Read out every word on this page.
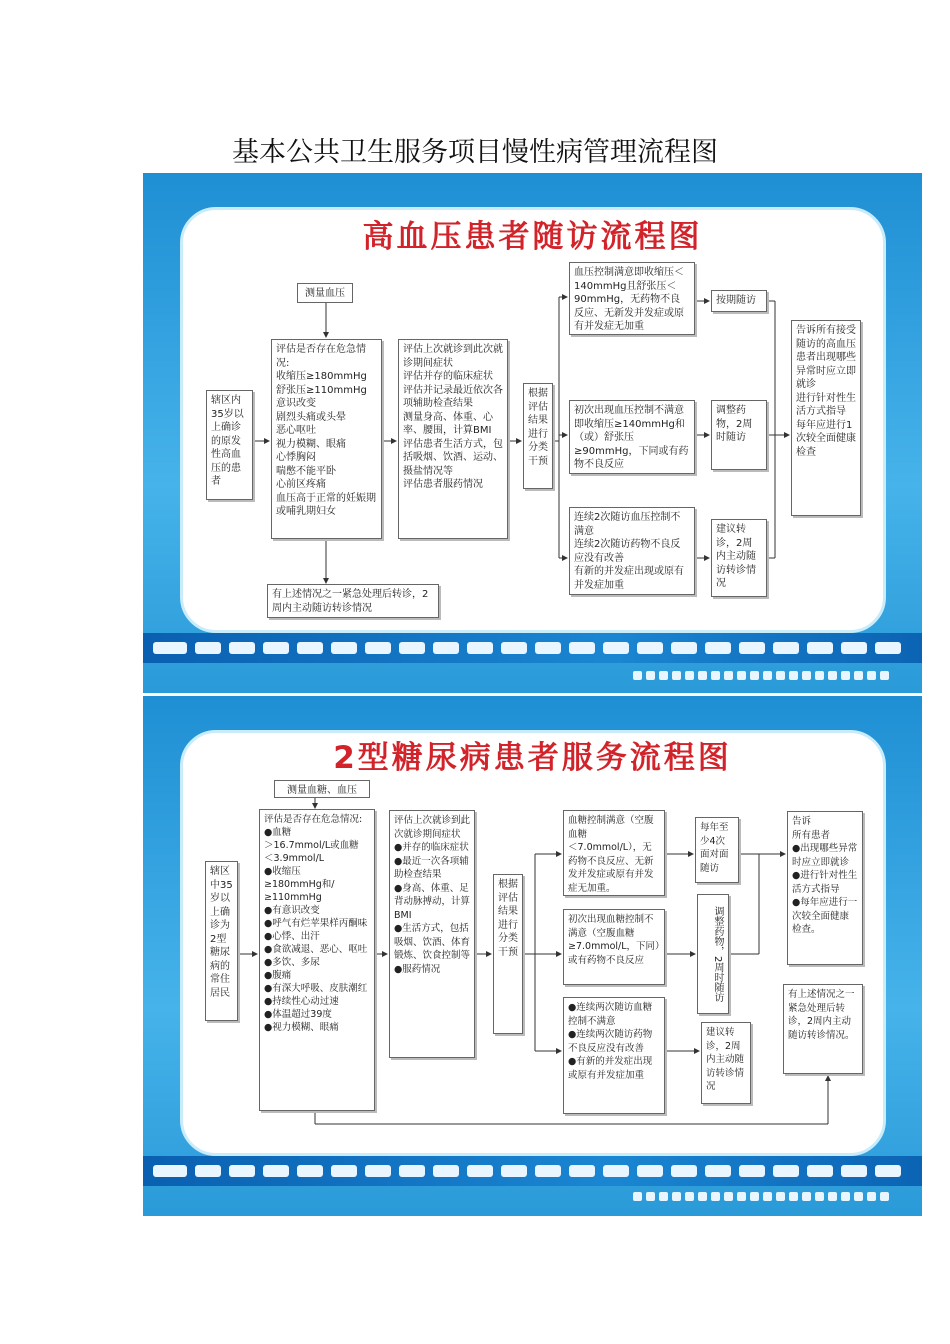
基本公共卫生服务项目慢性病管理流程图
高血压患者随访流程图
测量血压
辖区内35岁以上确诊的原发性高血压的患者
评估是否存在危急情况:
收缩压≥180mmHg
舒张压≥110mmHg
意识改变
剧烈头痛或头晕
恶心呕吐
视力模糊、眼痛
心悸胸闷
喘憋不能平卧
心前区疼痛
血压高于正常的妊娠期或哺乳期妇女
评估上次就诊到此次就诊期间症状
评估并存的临床症状
评估并记录最近依次各项辅助检查结果
测量身高、体重、心率、腰围，计算BMI
评估患者生活方式，包括吸烟、饮酒、运动、摄盐情况等
评估患者服药情况
根据评估结果进行分类干预
血压控制满意即收缩压＜140mmHg且舒张压＜90mmHg，无药物不良反应、无新发并发症或原有并发症无加重
初次出现血压控制不满意即收缩压≥140mmHg和（或）舒张压≥90mmHg，下同或有药物不良反应
连续2次随访血压控制不满意
连续2次随访药物不良反应没有改善
有新的并发症出现或原有并发症加重
按期随访
调整药物，2周时随访
建议转诊，2周内主动随访转诊情况
告诉所有接受随访的高血压患者出现哪些异常时应立即就诊
进行针对性生活方式指导
每年应进行1次较全面健康检查
有上述情况之一紧急处理后转诊，2周内主动随访转诊情况
2型糖尿病患者服务流程图
测量血糖、血压
辖区中35岁以上确诊为2型糖尿病的常住居民
评估是否存在危急情况:
●血糖
＞16.7mmol/L或血糖
＜3.9mmol/L
●收缩压
≥180mmHg和/
≥110mmHg
●有意识改变
●呼气有烂苹果样丙酮味
●心悸、出汗
●食欲减退、恶心、呕吐
●多饮、多尿
●腹痛
●有深大呼吸、皮肤潮红
●持续性心动过速
●体温超过39度
●视力模糊、眼痛
评估上次就诊到此次就诊期间症状
●并存的临床症状
●最近一次各项辅助检查结果
●身高、体重、足背动脉搏动，计算BMI
●生活方式，包括吸烟、饮酒、体育锻炼、饮食控制等
●服药情况
根据评估结果进行分类干预
血糖控制满意（空腹血糖
＜7.0mmol/L），无药物不良反应、无新发并发症或原有并发症无加重。
初次出现血糖控制不满意（空腹血糖≥7.0mmol/L，下同）或有药物不良反应
●连续两次随访血糖控制不满意
●连续两次随访药物不良反应没有改善
●有新的并发症出现或原有并发症加重
每年至少4次面对面随访
调整药物，2周时随访
建议转诊，2周内主动随访转诊情况
告诉
所有患者
●出现哪些异常时应立即就诊
●进行针对性生活方式指导
●每年应进行一次较全面健康检查。
有上述情况之一紧急处理后转诊，2周内主动随访转诊情况。
